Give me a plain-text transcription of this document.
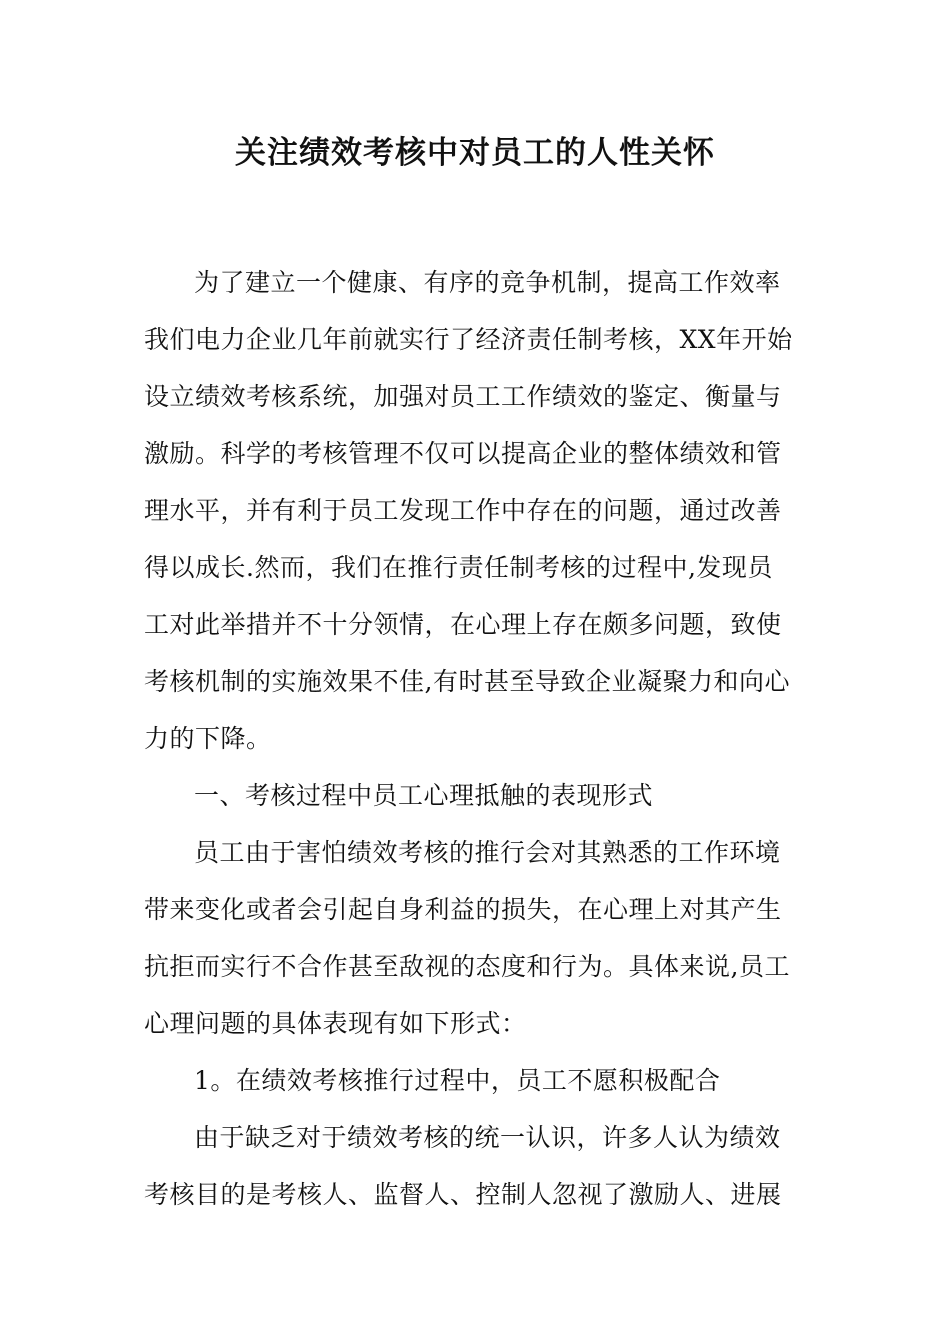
关注绩效考核中对员工的人性关怀
为了建立一个健康、有序的竞争机制，提高工作效率
我们电力企业几年前就实行了经济责任制考核，XX年开始
设立绩效考核系统，加强对员工工作绩效的鉴定、衡量与
激励。科学的考核管理不仅可以提高企业的整体绩效和管
理水平，并有利于员工发现工作中存在的问题，通过改善
得以成长.然而，我们在推行责任制考核的过程中,发现员
工对此举措并不十分领情，在心理上存在颇多问题，致使
考核机制的实施效果不佳,有时甚至导致企业凝聚力和向心
力的下降。
一、考核过程中员工心理抵触的表现形式
员工由于害怕绩效考核的推行会对其熟悉的工作环境
带来变化或者会引起自身利益的损失，在心理上对其产生
抗拒而实行不合作甚至敌视的态度和行为。具体来说,员工
心理问题的具体表现有如下形式：
1。在绩效考核推行过程中，员工不愿积极配合
由于缺乏对于绩效考核的统一认识，许多人认为绩效
考核目的是考核人、监督人、控制人忽视了激励人、进展
